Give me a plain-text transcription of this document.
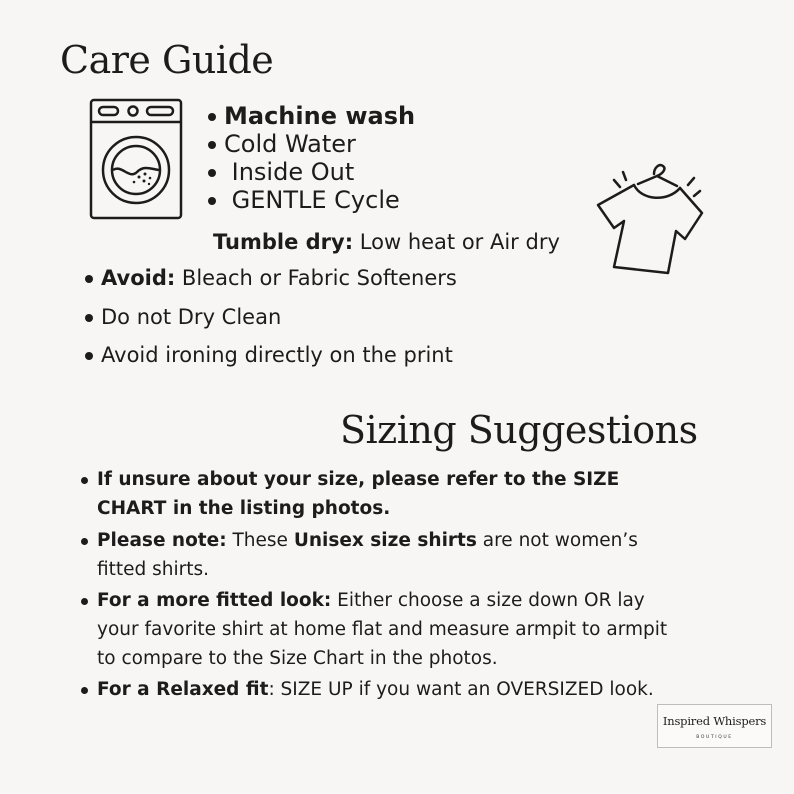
Care Guide
Machine wash
Cold Water
Inside Out
GENTLE Cycle
Tumble dry: Low heat or Air dry
Avoid: Bleach or Fabric Softeners
Do not Dry Clean
Avoid ironing directly on the print
Sizing Suggestions
If unsure about your size, please refer to the SIZE CHART in the listing photos.
Please note: These Unisex size shirts are not women’s fitted shirts.
For a more fitted look: Either choose a size down OR lay your favorite shirt at home flat and measure armpit to armpit to compare to the Size Chart in the photos.
For a Relaxed fit: SIZE UP if you want an OVERSIZED look.
Inspired Whispers
BOUTIQUE
